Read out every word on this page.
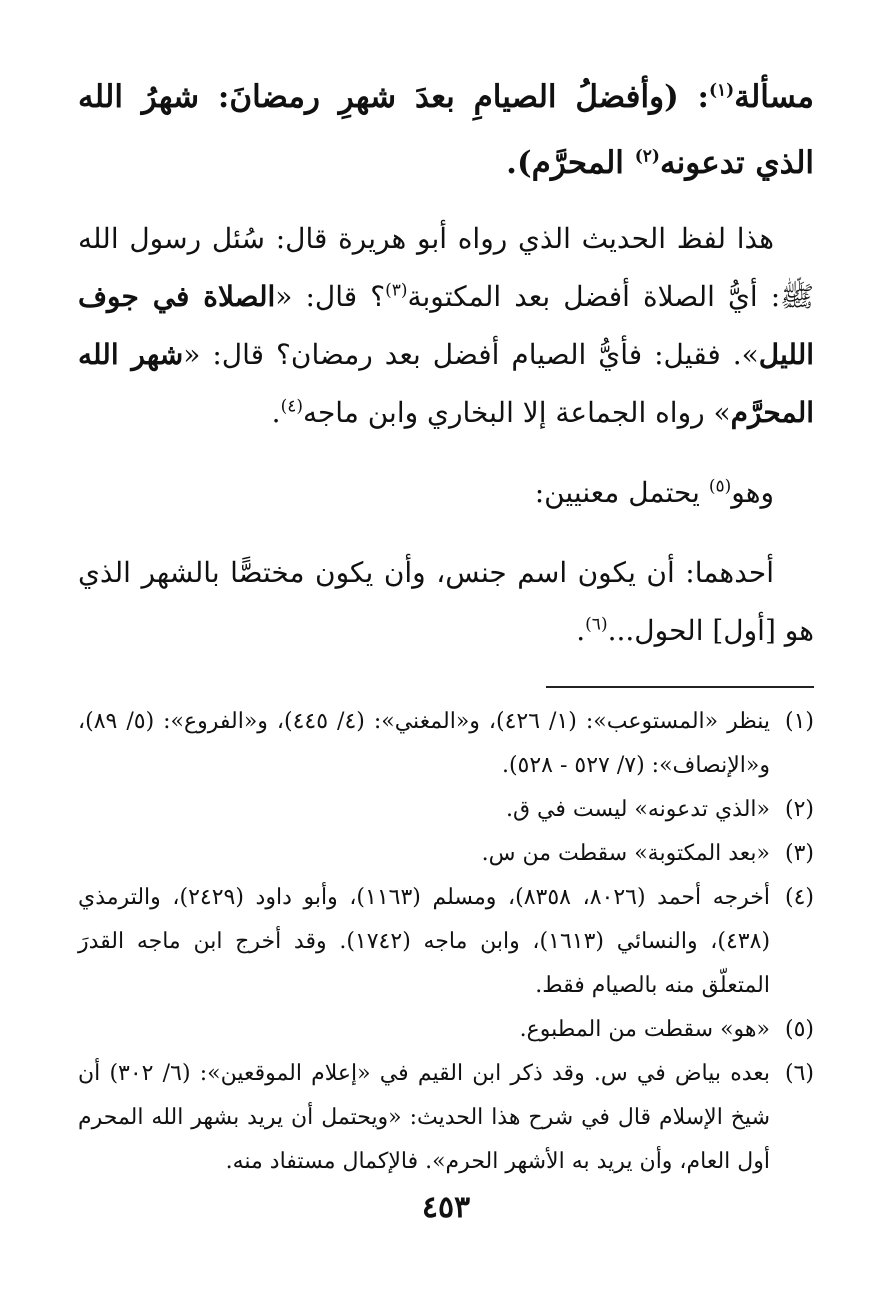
مسألة$^{(١)}$: (وأفضلُ الصيامِ بعدَ شهرِ رمضانَ: شهرُ الله الذي تدعونه$^{(٢)}$ المحرَّم).

هذا لفظ الحديث الذي رواه أبو هريرة قال: سُئل رسول الله ﷺ: أيُّ الصلاة أفضل بعد المكتوبة$^{(٣)}$؟ قال: «الصلاة في جوف الليل». فقيل: فأيُّ الصيام أفضل بعد رمضان؟ قال: «شهر الله المحرَّم» رواه الجماعة إلا البخاري وابن ماجه$^{(٤)}$.

وهو$^{(٥)}$ يحتمل معنيين:

أحدهما: أن يكون اسم جنس، وأن يكون مختصًّا بالشهر الذي هو [أول] الحول...$^{(٦)}$.

(١)
ينظر «المستوعب»: (١/ ٤٢٦)، و«المغني»: (٤/ ٤٤٥)، و«الفروع»: (٥/ ٨٩)، و«الإنصاف»: (٧/ ٥٢٧ - ٥٢٨).

(٢)
«الذي تدعونه» ليست في ق.

(٣)
«بعد المكتوبة» سقطت من س.

(٤)
أخرجه أحمد (٨٠٢٦، ٨٣٥٨)، ومسلم (١١٦٣)، وأبو داود (٢٤٢٩)، والترمذي (٤٣٨)، والنسائي (١٦١٣)، وابن ماجه (١٧٤٢). وقد أخرج ابن ماجه القدرَ المتعلّق منه بالصيام فقط.

(٥)
«هو» سقطت من المطبوع.

(٦)
بعده بياض في س. وقد ذكر ابن القيم في «إعلام الموقعين»: (٦/ ٣٠٢) أن شيخ الإسلام قال في شرح هذا الحديث: «ويحتمل أن يريد بشهر الله المحرم أول العام، وأن يريد به الأشهر الحرم». فالإكمال مستفاد منه.

٤٥٣
